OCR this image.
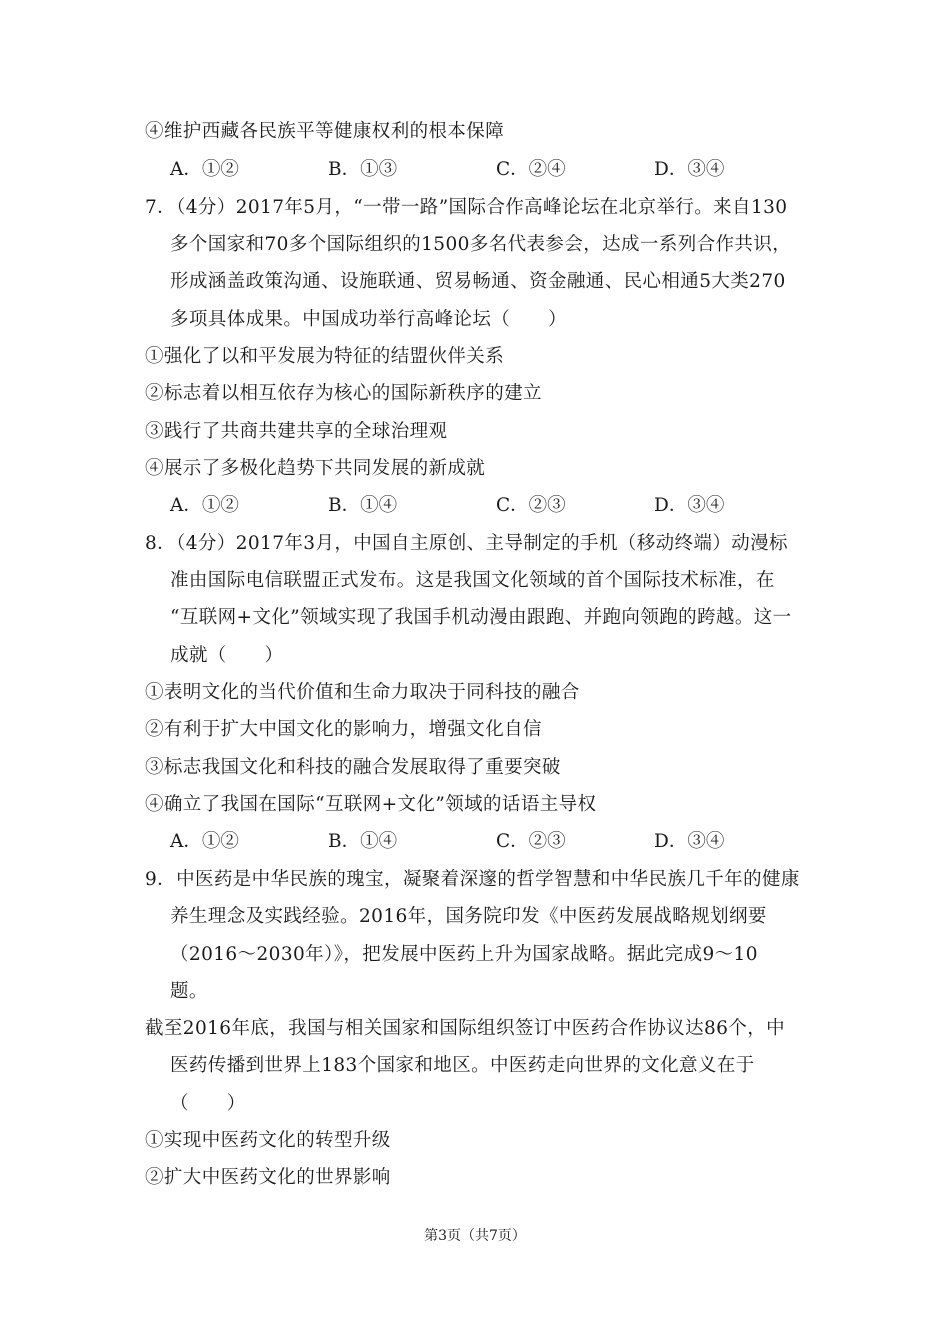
④维护西藏各民族平等健康权利的根本保障
A．①②	B．①③	C．②④	D．③④
7．（4分）2017年5月，“一带一路”国际合作高峰论坛在北京举行。来自130
多个国家和70多个国际组织的1500多名代表参会，达成一系列合作共识，
形成涵盖政策沟通、设施联通、贸易畅通、资金融通、民心相通5大类270
多项具体成果。中国成功举行高峰论坛（　　）
①强化了以和平发展为特征的结盟伙伴关系
②标志着以相互依存为核心的国际新秩序的建立
③践行了共商共建共享的全球治理观
④展示了多极化趋势下共同发展的新成就
A．①②	B．①④	C．②③	D．③④
8．（4分）2017年3月，中国自主原创、主导制定的手机（移动终端）动漫标
准由国际电信联盟正式发布。这是我国文化领域的首个国际技术标准，在
“互联网+文化”领域实现了我国手机动漫由跟跑、并跑向领跑的跨越。这一
成就（　　）
①表明文化的当代价值和生命力取决于同科技的融合
②有利于扩大中国文化的影响力，增强文化自信
③标志我国文化和科技的融合发展取得了重要突破
④确立了我国在国际“互联网+文化”领域的话语主导权
A．①②	B．①④	C．②③	D．③④
9．中医药是中华民族的瑰宝，凝聚着深邃的哲学智慧和中华民族几千年的健康
养生理念及实践经验。2016年，国务院印发《中医药发展战略规划纲要
（2016～2030年）》，把发展中医药上升为国家战略。据此完成9～10
题。
截至2016年底，我国与相关国家和国际组织签订中医药合作协议达86个，中
医药传播到世界上183个国家和地区。中医药走向世界的文化意义在于
（　　）
①实现中医药文化的转型升级
②扩大中医药文化的世界影响
第3页（共7页）
